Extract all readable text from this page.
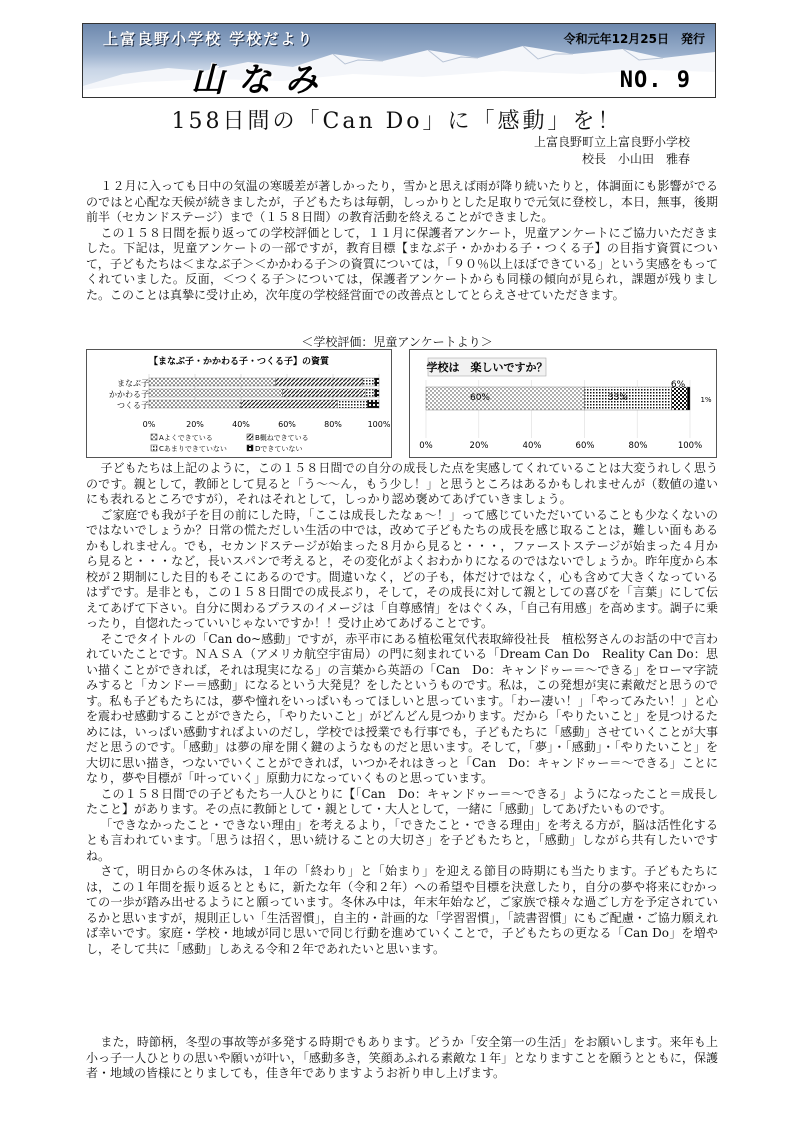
上富良野小学校 学校だより	令和元年12月25日　発行
山なみ	NO. 9
158日間の「Can Do」に「感動」を！
上富良野町立上富良野小学校
校長　小山田　雅春

１２月に入っても日中の気温の寒暖差が著しかったり，雪かと思えば雨が降り続いたりと，体調面にも影響がでるのではと心配な天候が続きましたが，子どもたちは毎朝，しっかりとした足取りで元気に登校し，本日，無事，後期前半（セカンドステージ）まで（１５８日間）の教育活動を終えることができました。

この１５８日間を振り返っての学校評価として，１１月に保護者アンケート，児童アンケートにご協力いただきました。下記は，児童アンケートの一部ですが，教育目標【まなぶ子・かかわる子・つくる子】の目指す資質について，子どもたちは＜まなぶ子＞＜かかわる子＞の資質については，「９０％以上ほぼできている」という実感をもってくれていました。反面，＜つくる子＞については，保護者アンケートからも同様の傾向が見られ，課題が残りました。このことは真摯に受け止め，次年度の学校経営面での改善点としてとらえさせていただきます。

＜学校評価：児童アンケートより＞
【まなぶ子・かかわる子・つくる子】の資質
まなぶ子
かかわる子
つくる子
0%	20%	40%	60%	80%	100%
Aよくできている	B概ねできている
Cあまりできていない	Dできていない
学校は　楽しいですか？
60%	33%
6%
1%
0%	20%	40%	60%	80%	100%

子どもたちは上記のように，この１５８日間での自分の成長した点を実感してくれていることは大変うれしく思うのです。親として，教師として見ると「う～～ん，もう少し！」と思うところはあるかもしれませんが（数値の違いにも表れるところですが），それはそれとして，しっかり認め褒めてあげていきましょう。

ご家庭でも我が子を目の前にした時，「ここは成長したなぁ～！」って感じていただいていることも少なくないのではないでしょうか？日常の慌ただしい生活の中では，改めて子どもたちの成長を感じ取ることは，難しい面もあるかもしれません。でも，セカンドステージが始まった８月から見ると・・・，ファーストステージが始まった４月から見ると・・・など，長いスパンで考えると，その変化がよくおわかりになるのではないでしょうか。昨年度から本校が２期制にした目的もそこにあるのです。間違いなく，どの子も，体だけではなく，心も含めて大きくなっているはずです。是非とも，この１５８日間での成長ぶり，そして，その成長に対して親としての喜びを「言葉」にして伝えてあげて下さい。自分に関わるプラスのイメージは「自尊感情」をはぐくみ，「自己有用感」を高めます。調子に乗ったり，自惚れたっていいじゃないですか！！受け止めてあげることです。

そこでタイトルの「Can do~感動」ですが，赤平市にある植松電気代表取締役社長　植松努さんのお話の中で言われていたことです。ＮＡＳＡ（アメリカ航空宇宙局）の門に刻まれている「Dream Can Do　Reality Can Do：思い描くことができれば，それは現実になる」の言葉から英語の「Can　Do：キャンドゥー＝～できる」をローマ字読みすると「カンドー＝感動」になるという大発見？をしたというものです。私は，この発想が実に素敵だと思うのです。私も子どもたちには，夢や憧れをいっぱいもってほしいと思っています。「わー凄い！」「やってみたい！」と心を震わせ感動することができたら，「やりたいこと」がどんどん見つかります。だから「やりたいこと」を見つけるためには，いっぱい感動すればよいのだし，学校では授業でも行事でも，子どもたちに「感動」させていくことが大事だと思うのです。「感動」は夢の扉を開く鍵のようなものだと思います。そして，「夢」・「感動」・「やりたいこと」を大切に思い描き，つないでいくことができれば，いつかそれはきっと「Can　Do：キャンドゥー＝～できる」ことになり，夢や目標が「叶っていく」原動力になっていくものと思っています。

この１５８日間での子どもたち一人ひとりに【「Can　Do：キャンドゥー＝～できる」ようになったこと＝成長したこと】があります。その点に教師として・親として・大人として，一緒に「感動」してあげたいものです。

「できなかったこと・できない理由」を考えるより，「できたこと・できる理由」を考える方が，脳は活性化するとも言われています。「思うは招く，思い続けることの大切さ」を子どもたちと，「感動」しながら共有したいですね。

さて，明日からの冬休みは，１年の「終わり」と「始まり」を迎える節目の時期にも当たります。子どもたちには，この１年間を振り返るとともに，新たな年（令和２年）への希望や目標を決意したり，自分の夢や将来にむかっての一歩が踏み出せるようにと願っています。冬休み中は，年末年始など，ご家族で様々な過ごし方を予定されているかと思いますが，規則正しい「生活習慣」，自主的・計画的な「学習習慣」，「読書習慣」にもご配慮・ご協力願えれば幸いです。家庭・学校・地域が同じ思いで同じ行動を進めていくことで，子どもたちの更なる「Can Do」を増やし，そして共に「感動」しあえる令和２年であれたいと思います。

また，時節柄，冬型の事故等が多発する時期でもあります。どうか「安全第一の生活」をお願いします。来年も上小っ子一人ひとりの思いや願いが叶い，「感動多き，笑顔あふれる素敵な１年」となりますことを願うとともに，保護者・地域の皆様にとりましても，佳き年でありますようお祈り申し上げます。
